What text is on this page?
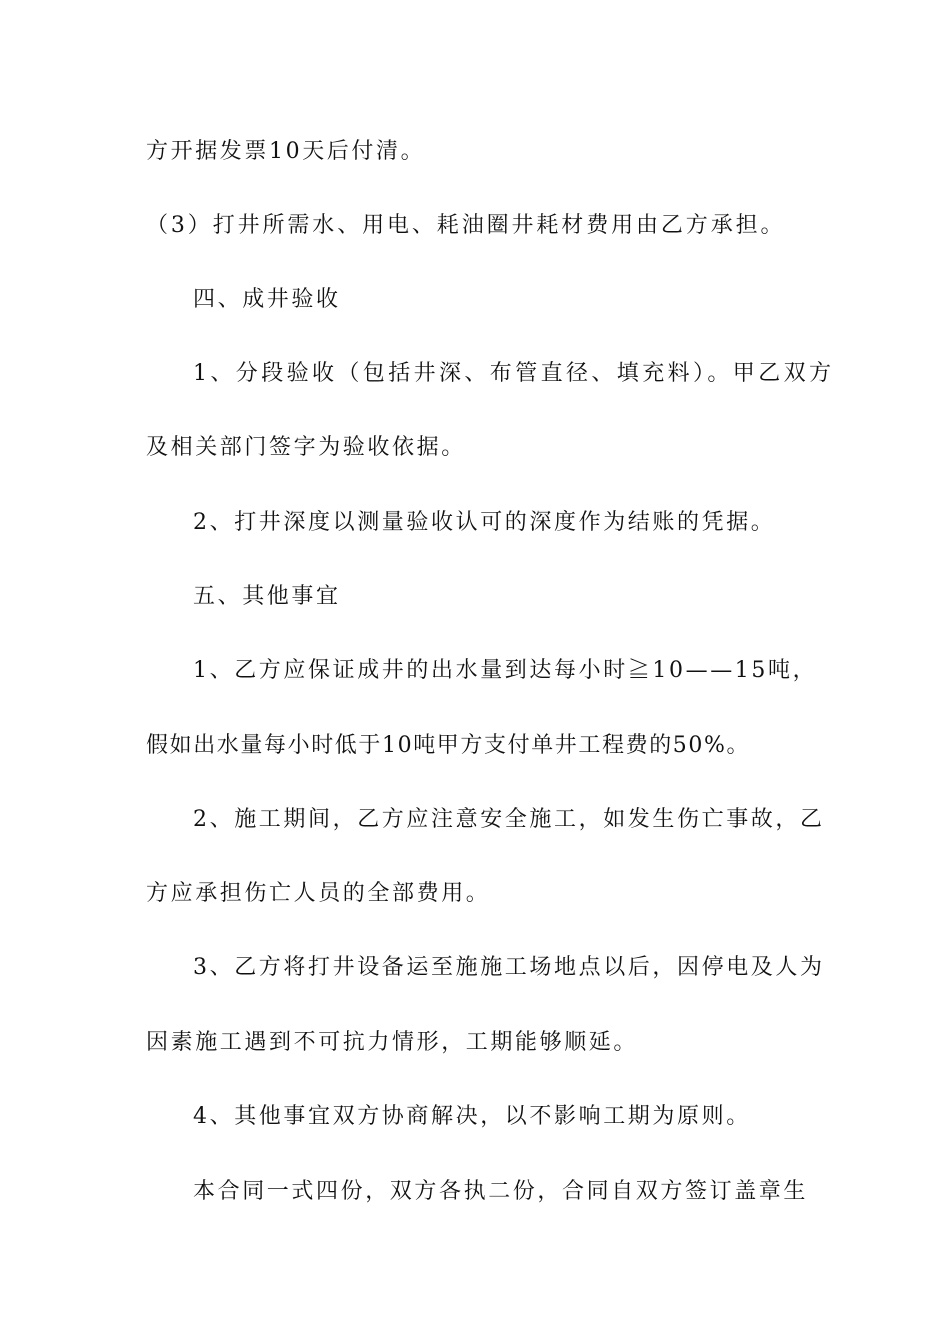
方开据发票10天后付清。
（3）打井所需水、用电、耗油圈井耗材费用由乙方承担。
四、成井验收
1、分段验收（包括井深、布管直径、填充料）。甲乙双方
及相关部门签字为验收依据。
2、打井深度以测量验收认可的深度作为结账的凭据。
五、其他事宜
1、乙方应保证成井的出水量到达每小时≧10——15吨，
假如出水量每小时低于10吨甲方支付单井工程费的50%。
2、施工期间，乙方应注意安全施工，如发生伤亡事故，乙
方应承担伤亡人员的全部费用。
3、乙方将打井设备运至施施工场地点以后，因停电及人为
因素施工遇到不可抗力情形，工期能够顺延。
4、其他事宜双方协商解决，以不影响工期为原则。
本合同一式四份，双方各执二份，合同自双方签订盖章生
